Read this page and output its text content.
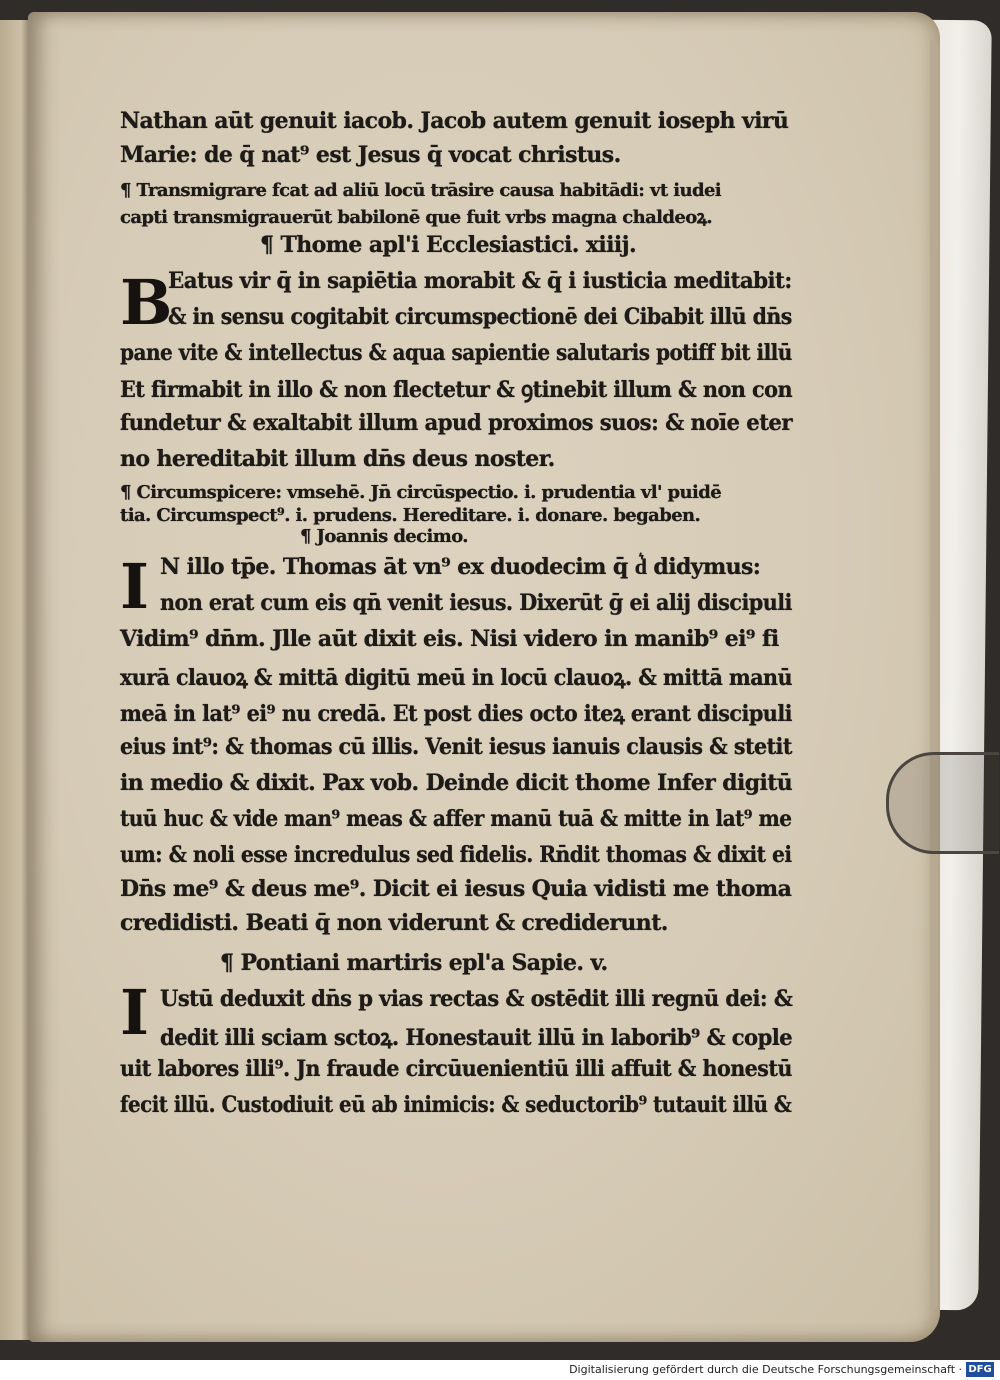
Nathan aūt genuit iacob. Jacob autem genuit ioseph virū
Marie: de q̄ nat⁹ est Jesus q̄ vocat christus.
¶ Transmigrare fcat ad aliū locū trāsire causa habitādi: vt iudei
capti transmigrauerūt babilonē que fuit vrbs magna chaldeoꝝ.
¶ Thome apl'i Ecclesiastici. xiiij.
B
Eatus vir q̄ in sapiētia morabit & q̄ i iusticia meditabit:
& in sensu cogitabit circumspectionē dei Cibabit illū dn̄s
pane vite & intellectus & aqua sapientie salutaris potiff bit illū
Et firmabit in illo & non flectetur & ꝯtinebit illum & non con
fundetur & exaltabit illum apud proximos suos: & noīe eter
no hereditabit illum dn̄s deus noster.
¶ Circumspicere: vmsehē. Jn̄ circūspectio. i. prudentia vl' puidē
tia. Circumspect⁹. i. prudens. Hereditare. i. donare. begaben.
¶ Joannis decimo.
I N illo tp̄e. Thomas āt vn⁹ ex duodecim q̄ d͛ didymus:
non erat cum eis qn̄ venit iesus. Dixerūt ḡ ei alij discipuli
Vidim⁹ dn̄m. Jlle aūt dixit eis. Nisi videro in manib⁹ ei⁹ fi
xurā clauoꝝ & mittā digitū meū in locū clauoꝝ. & mittā manū
meā in lat⁹ ei⁹ nu credā. Et post dies octo iteꝝ erant discipuli
eius int⁹: & thomas cū illis. Venit iesus ianuis clausis & stetit
in medio & dixit. Pax vob. Deinde dicit thome Infer digitū
tuū huc & vide man⁹ meas & affer manū tuā & mitte in lat⁹ me
um: & noli esse incredulus sed fidelis. Rn̄dit thomas & dixit ei
Dn̄s me⁹ & deus me⁹. Dicit ei iesus Quia vidisti me thoma
credidisti. Beati q̄ non viderunt & crediderunt.
¶ Pontiani martiris epl'a Sapie. v.
I Ustū deduxit dn̄s p vias rectas & ostēdit illi regnū dei: &
dedit illi sciam sctoꝝ. Honestauit illū in laborib⁹ & cople
uit labores illi⁹. Jn fraude circūuenientiū illi affuit & honestū
fecit illū. Custodiuit eū ab inimicis: & seductorib⁹ tutauit illū &
Digitalisierung gefördert durch die Deutsche Forschungsgemeinschaft · DFG
